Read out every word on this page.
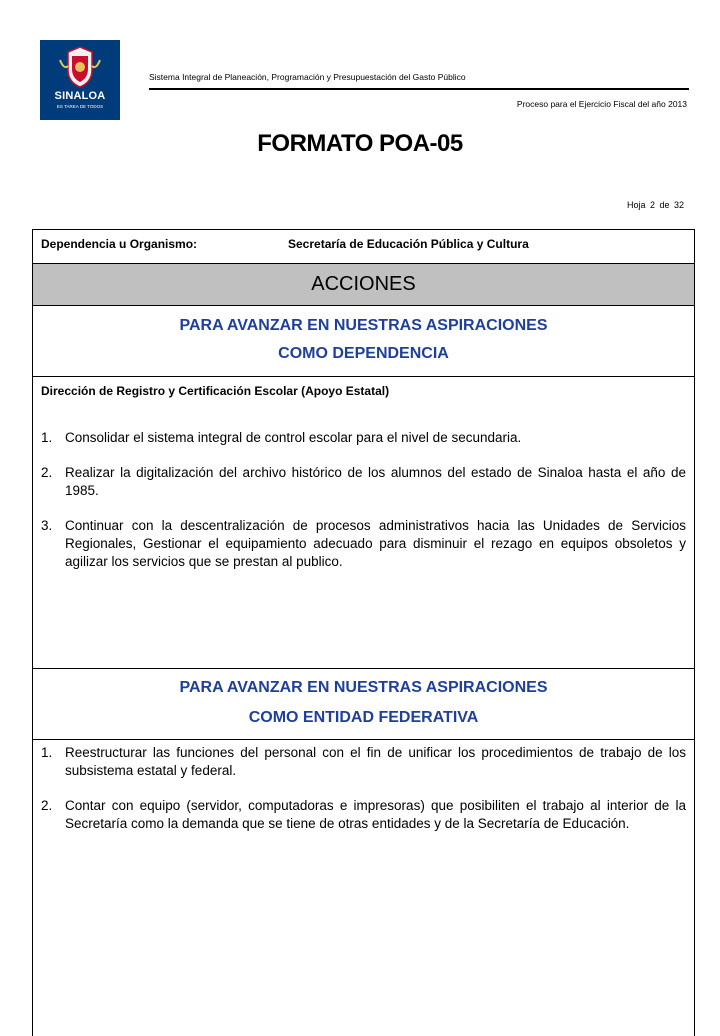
SINALOA
ES TAREA DE TODOS
Sistema Integral de Planeación, Programación y Presupuestación del Gasto Público
Proceso para el Ejercicio Fiscal del año 2013
FORMATO POA-05
Hoja 2 de 32
Dependencia u Organismo:	Secretaría de Educación Pública y Cultura
ACCIONES
PARA AVANZAR EN NUESTRAS ASPIRACIONES
COMO DEPENDENCIA
Dirección de Registro y Certificación Escolar (Apoyo Estatal)
1. Consolidar el sistema integral de control escolar para el nivel de secundaria.
2. Realizar la digitalización del archivo histórico de los alumnos del estado de Sinaloa hasta el año de 1985.
3. Continuar con la descentralización de procesos administrativos hacia las Unidades de Servicios Regionales, Gestionar el equipamiento adecuado para disminuir el rezago en equipos obsoletos y agilizar los servicios que se prestan al publico.
PARA AVANZAR EN NUESTRAS ASPIRACIONES
COMO ENTIDAD FEDERATIVA
1. Reestructurar las funciones del personal con el fin de unificar los procedimientos de trabajo de los subsistema estatal y federal.
2. Contar con equipo (servidor, computadoras e impresoras) que posibiliten el trabajo al interior de la Secretaría como la demanda que se tiene de otras entidades y de la Secretaría de Educación.
